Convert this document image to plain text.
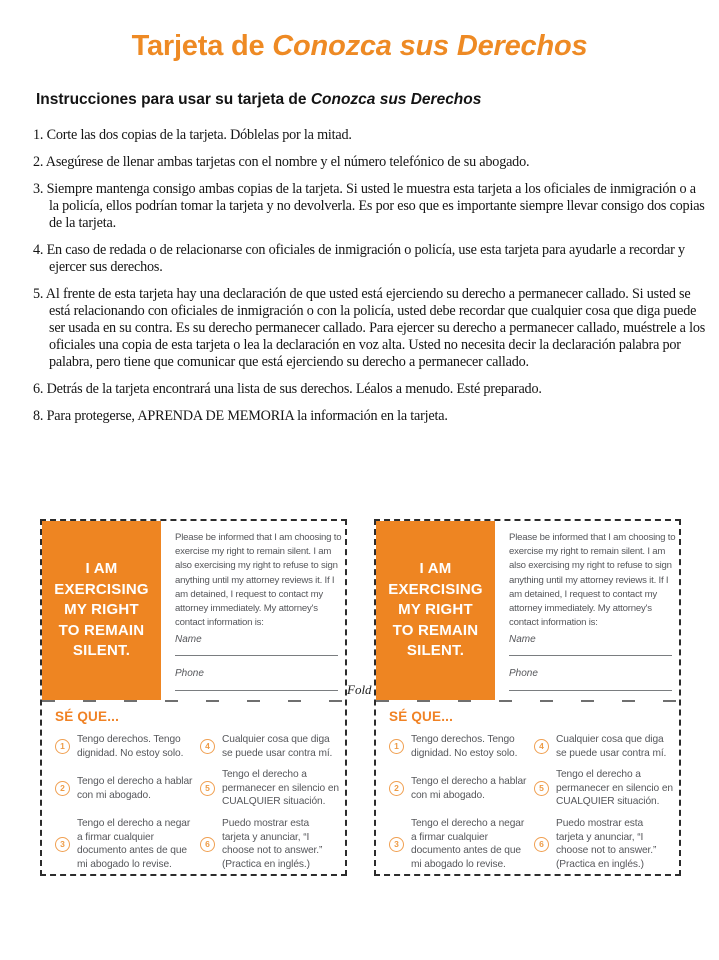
Tarjeta de Conozca sus Derechos
Instrucciones para usar su tarjeta de Conozca sus Derechos

1. Corte las dos copias de la tarjeta. Dóblelas por la mitad.

2. Asegúrese de llenar ambas tarjetas con el nombre y el número telefónico de su abogado.

3. Siempre mantenga consigo ambas copias de la tarjeta. Si usted le muestra esta tarjeta a los oficiales de inmigración o a la policía, ellos podrían tomar la tarjeta y no devolverla. Es por eso que es importante siempre llevar consigo dos copias de la tarjeta.

4. En caso de redada o de relacionarse con oficiales de inmigración o policía, use esta tarjeta para ayudarle a recordar y ejercer sus derechos.

5. Al frente de esta tarjeta hay una declaración de que usted está ejerciendo su derecho a permanecer callado. Si usted se está relacionando con oficiales de inmigración o con la policía, usted debe recordar que cualquier cosa que diga puede ser usada en su contra. Es su derecho permanecer callado. Para ejercer su derecho a permanecer callado, muéstrele a los oficiales una copia de esta tarjeta o lea la declaración en voz alta. Usted no necesita decir la declaración palabra por palabra, pero tiene que comunicar que está ejerciendo su derecho a permanecer callado.

6. Detrás de la tarjeta encontrará una lista de sus derechos. Léalos a menudo. Esté preparado.

8. Para protegerse, APRENDA DE MEMORIA la información en la tarjeta.

I AM
EXERCISING
MY RIGHT
TO REMAIN
SILENT.
Please be informed that I am choosing to exercise my right to remain silent. I am also exercising my right to refuse to sign anything until my attorney reviews it. If I am detained, I request to contact my attorney immediately. My attorney's contact information is:
Name
Phone
SÉ QUE...
1
Tengo derechos. Tengo dignidad. No estoy solo.
2
Tengo el derecho a hablar con mi abogado.
3
Tengo el derecho a negar a firmar cualquier documento antes de que mi abogado lo revise.
4
Cualquier cosa que diga se puede usar contra mí.
5
Tengo el derecho a permanecer en silencio en CUALQUIER situación.
6
Puedo mostrar esta tarjeta y anunciar, “I choose not to answer.” (Practica en inglés.)
I AM
EXERCISING
MY RIGHT
TO REMAIN
SILENT.
Please be informed that I am choosing to exercise my right to remain silent. I am also exercising my right to refuse to sign anything until my attorney reviews it. If I am detained, I request to contact my attorney immediately. My attorney's contact information is:
Name
Phone
SÉ QUE...
1
Tengo derechos. Tengo dignidad. No estoy solo.
2
Tengo el derecho a hablar con mi abogado.
3
Tengo el derecho a negar a firmar cualquier documento antes de que mi abogado lo revise.
4
Cualquier cosa que diga se puede usar contra mí.
5
Tengo el derecho a permanecer en silencio en CUALQUIER situación.
6
Puedo mostrar esta tarjeta y anunciar, “I choose not to answer.” (Practica en inglés.)
Fold
